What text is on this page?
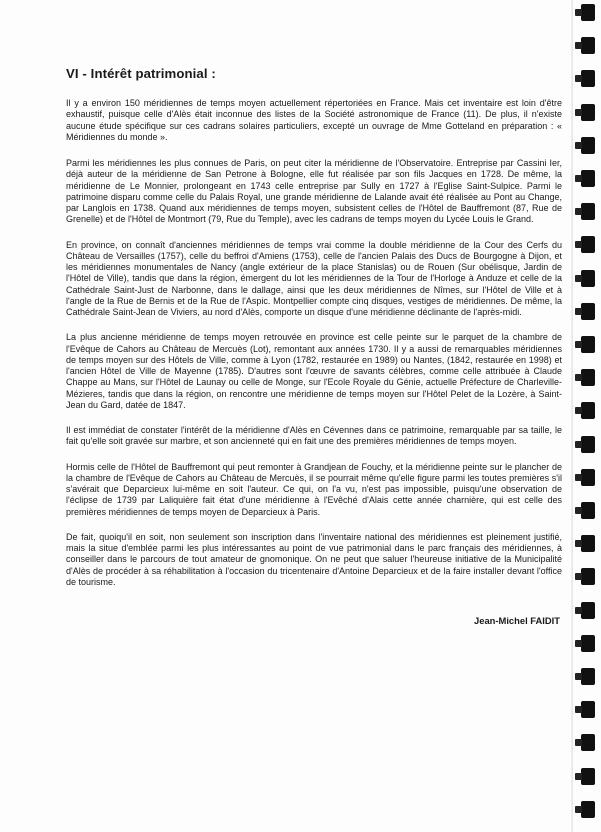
VI - Intérêt patrimonial :

Il y a environ 150 méridiennes de temps moyen actuellement répertoriées en France. Mais cet inventaire est loin d'être exhaustif, puisque celle d'Alès était inconnue des listes de la Société astronomique de France (11). De plus, il n'existe aucune étude spécifique sur ces cadrans solaires particuliers, excepté un ouvrage de Mme Gotteland en préparation : « Méridiennes du monde ».

Parmi les méridiennes les plus connues de Paris, on peut citer la méridienne de l'Observatoire. Entreprise par Cassini Ier, déjà auteur de la méridienne de San Petrone à Bologne, elle fut réalisée par son fils Jacques en 1728. De même, la méridienne de Le Monnier, prolongeant en 1743 celle entreprise par Sully en 1727 à l'Eglise Saint-Sulpice. Parmi le patrimoine disparu comme celle du Palais Royal, une grande méridienne de Lalande avait été réalisée au Pont au Change, par Langlois en 1738. Quand aux méridiennes de temps moyen, subsistent celles de l'Hôtel de Bauffremont (87, Rue de Grenelle) et de l'Hôtel de Montmort (79, Rue du Temple), avec les cadrans de temps moyen du Lycée Louis le Grand.

En province, on connaît d'anciennes méridiennes de temps vrai comme la double méridienne de la Cour des Cerfs du Château de Versailles (1757), celle du beffroi d'Amiens (1753), celle de l'ancien Palais des Ducs de Bourgogne à Dijon, et les méridiennes monumentales de Nancy (angle extérieur de la place Stanislas) ou de Rouen (Sur obélisque, Jardin de l'Hôtel de Ville), tandis que dans la région, émergent du lot les méridiennes de la Tour de l'Horloge à Anduze et celle de la Cathédrale Saint-Just de Narbonne, dans le dallage, ainsi que les deux méridiennes de Nîmes, sur l'Hôtel de Ville et à l'angle de la Rue de Bernis et de la Rue de l'Aspic. Montpellier compte cinq disques, vestiges de méridiennes. De même, la Cathédrale Saint-Jean de Viviers, au nord d'Alès, comporte un disque d'une méridienne déclinante de l'après-midi.

La plus ancienne méridienne de temps moyen retrouvée en province est celle peinte sur le parquet de la chambre de l'Evêque de Cahors au Château de Mercuès (Lot), remontant aux années 1730. Il y a aussi de remarquables méridiennes de temps moyen sur des Hôtels de Ville, comme à Lyon (1782, restaurée en 1989) ou Nantes, (1842, restaurée en 1998) et l'ancien Hôtel de Ville de Mayenne (1785). D'autres sont l'œuvre de savants célèbres, comme celle attribuée à Claude Chappe au Mans, sur l'Hôtel de Launay ou celle de Monge, sur l'Ecole Royale du Génie, actuelle Préfecture de Charleville-Mézieres, tandis que dans la région, on rencontre une méridienne de temps moyen sur l'Hôtel Pelet de la Lozère, à Saint-Jean du Gard, datée de 1847.

Il est immédiat de constater l'intérêt de la méridienne d'Alès en Cévennes dans ce patrimoine, remarquable par sa taille, le fait qu'elle soit gravée sur marbre, et son ancienneté qui en fait une des premières méridiennes de temps moyen.

Hormis celle de l'Hôtel de Bauffremont qui peut remonter à Grandjean de Fouchy, et la méridienne peinte sur le plancher de la chambre de l'Evêque de Cahors au Château de Mercuès, il se pourrait même qu'elle figure parmi les toutes premières s'il s'avérait que Deparcieux lui-même en soit l'auteur. Ce qui, on l'a vu, n'est pas impossible, puisqu'une observation de l'éclipse de 1739 par Laliquière fait état d'une méridienne à l'Evêché d'Alais cette année charnière, qui est celle des premières méridiennes de temps moyen de Deparcieux à Paris.

De fait, quoiqu'il en soit, non seulement son inscription dans l'inventaire national des méridiennes est pleinement justifié, mais la situe d'emblée parmi les plus intéressantes au point de vue patrimonial dans le parc français des méridiennes, à conseiller dans le parcours de tout amateur de gnomonique. On ne peut que saluer l'heureuse initiative de la Municipalité d'Alès de procéder à sa réhabilitation à l'occasion du tricentenaire d'Antoine Deparcieux et de la faire installer devant l'office de tourisme.

Jean-Michel FAIDIT
